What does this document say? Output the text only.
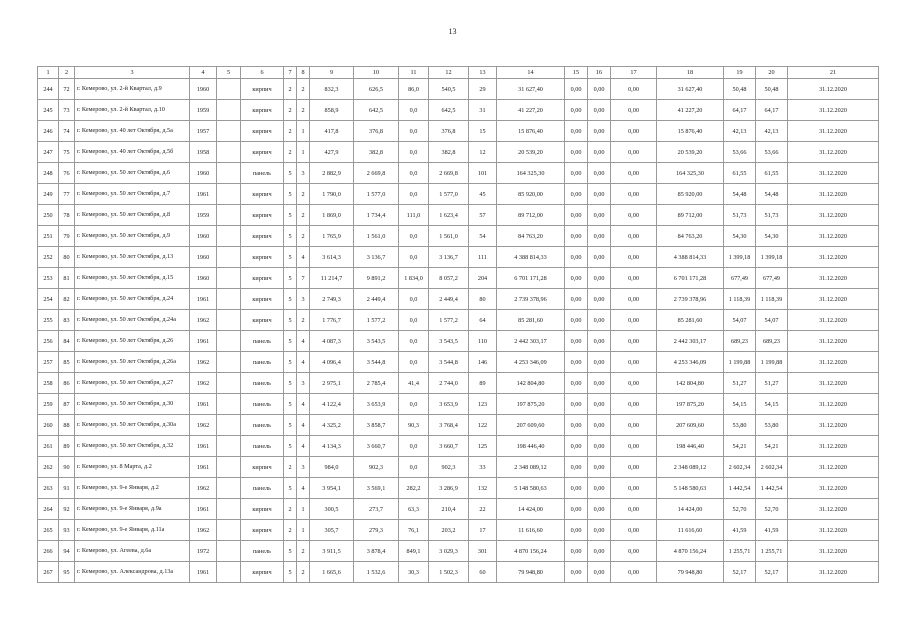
13
1	2	3	4	5	6	7	8	9	10	11	12	13	14	15	16	17	18	19	20	21
244	72	г. Кемерово, ул. 2-й Квартал, д.9	1960		кирпич	2	2	832,3	626,5	86,0	540,5	29	31 627,40	0,00	0,00	0,00	31 627,40	50,48	50,48	31.12.2020
245	73	г. Кемерово, ул. 2-й Квартал, д.10	1959		кирпич	2	2	858,9	642,5	0,0	642,5	31	41 227,20	0,00	0,00	0,00	41 227,20	64,17	64,17	31.12.2020
246	74	г. Кемерово, ул. 40 лет Октября, д.5а	1957		кирпич	2	1	417,8	376,8	0,0	376,8	15	15 876,40	0,00	0,00	0,00	15 876,40	42,13	42,13	31.12.2020
247	75	г. Кемерово, ул. 40 лет Октября, д.5б	1958		кирпич	2	1	427,9	382,8	0,0	382,8	12	20 539,20	0,00	0,00	0,00	20 539,20	53,66	53,66	31.12.2020
248	76	г. Кемерово, ул. 50 лет Октября, д.6	1960		панель	5	3	2 882,9	2 669,8	0,0	2 669,8	101	164 325,30	0,00	0,00	0,00	164 325,30	61,55	61,55	31.12.2020
249	77	г. Кемерово, ул. 50 лет Октября, д.7	1961		кирпич	5	2	1 790,0	1 577,0	0,0	1 577,0	45	85 920,00	0,00	0,00	0,00	85 920,00	54,48	54,48	31.12.2020
250	78	г. Кемерово, ул. 50 лет Октября, д.8	1959		кирпич	5	2	1 869,0	1 734,4	111,0	1 623,4	57	89 712,00	0,00	0,00	0,00	89 712,00	51,73	51,73	31.12.2020
251	79	г. Кемерово, ул. 50 лет Октября, д.9	1960		кирпич	5	2	1 765,9	1 561,0	0,0	1 561,0	54	84 763,20	0,00	0,00	0,00	84 763,20	54,30	54,30	31.12.2020
252	80	г. Кемерово, ул. 50 лет Октября, д.13	1960		кирпич	5	4	3 614,3	3 136,7	0,0	3 136,7	111	4 388 814,33	0,00	0,00	0,00	4 388 814,33	1 399,18	1 399,18	31.12.2020
253	81	г. Кемерово, ул. 50 лет Октября, д.15	1960		кирпич	5	7	11 214,7	9 891,2	1 834,0	8 057,2	204	6 701 171,28	0,00	0,00	0,00	6 701 171,28	677,49	677,49	31.12.2020
254	82	г. Кемерово, ул. 50 лет Октября, д.24	1961		кирпич	5	3	2 749,3	2 449,4	0,0	2 449,4	80	2 739 378,96	0,00	0,00	0,00	2 739 378,96	1 118,39	1 118,39	31.12.2020
255	83	г. Кемерово, ул. 50 лет Октября, д.24а	1962		кирпич	5	2	1 776,7	1 577,2	0,0	1 577,2	64	85 281,60	0,00	0,00	0,00	85 281,60	54,07	54,07	31.12.2020
256	84	г. Кемерово, ул. 50 лет Октября, д.26	1961		панель	5	4	4 087,3	3 543,5	0,0	3 543,5	110	2 442 303,17	0,00	0,00	0,00	2 442 303,17	689,23	689,23	31.12.2020
257	85	г. Кемерово, ул. 50 лет Октября, д.26а	1962		панель	5	4	4 096,4	3 544,8	0,0	3 544,8	146	4 253 346,09	0,00	0,00	0,00	4 253 346,09	1 199,88	1 199,88	31.12.2020
258	86	г. Кемерово, ул. 50 лет Октября, д.27	1962		панель	5	3	2 975,1	2 785,4	41,4	2 744,0	89	142 804,80	0,00	0,00	0,00	142 804,80	51,27	51,27	31.12.2020
259	87	г. Кемерово, ул. 50 лет Октября, д.30	1961		панель	5	4	4 122,4	3 653,9	0,0	3 653,9	123	197 875,20	0,00	0,00	0,00	197 875,20	54,15	54,15	31.12.2020
260	88	г. Кемерово, ул. 50 лет Октября, д.30а	1962		панель	5	4	4 325,2	3 858,7	90,3	3 768,4	122	207 609,60	0,00	0,00	0,00	207 609,60	53,80	53,80	31.12.2020
261	89	г. Кемерово, ул. 50 лет Октября, д.32	1961		панель	5	4	4 134,3	3 660,7	0,0	3 660,7	125	198 446,40	0,00	0,00	0,00	198 446,40	54,21	54,21	31.12.2020
262	90	г. Кемерово, ул. 8 Марта, д.2	1961		кирпич	2	3	984,0	902,3	0,0	902,3	33	2 348 089,12	0,00	0,00	0,00	2 348 089,12	2 602,34	2 602,34	31.12.2020
263	91	г. Кемерово, ул. 9-е Января, д.2	1962		панель	5	4	3 954,1	3 569,1	282,2	3 286,9	132	5 148 580,63	0,00	0,00	0,00	5 148 580,63	1 442,54	1 442,54	31.12.2020
264	92	г. Кемерово, ул. 9-е Января, д.9а	1961		кирпич	2	1	300,5	273,7	63,3	210,4	22	14 424,00	0,00	0,00	0,00	14 424,00	52,70	52,70	31.12.2020
265	93	г. Кемерово, ул. 9-е Января, д.11а	1962		кирпич	2	1	305,7	279,3	76,1	203,2	17	11 616,60	0,00	0,00	0,00	11 616,60	41,59	41,59	31.12.2020
266	94	г. Кемерово, ул. Агеева, д.6а	1972		панель	5	2	3 911,5	3 878,4	849,1	3 029,3	301	4 870 156,24	0,00	0,00	0,00	4 870 156,24	1 255,71	1 255,71	31.12.2020
267	95	г. Кемерово, ул. Александрова, д.13а	1961		кирпич	5	2	1 665,6	1 532,6	30,3	1 502,3	60	79 948,80	0,00	0,00	0,00	79 948,80	52,17	52,17	31.12.2020
